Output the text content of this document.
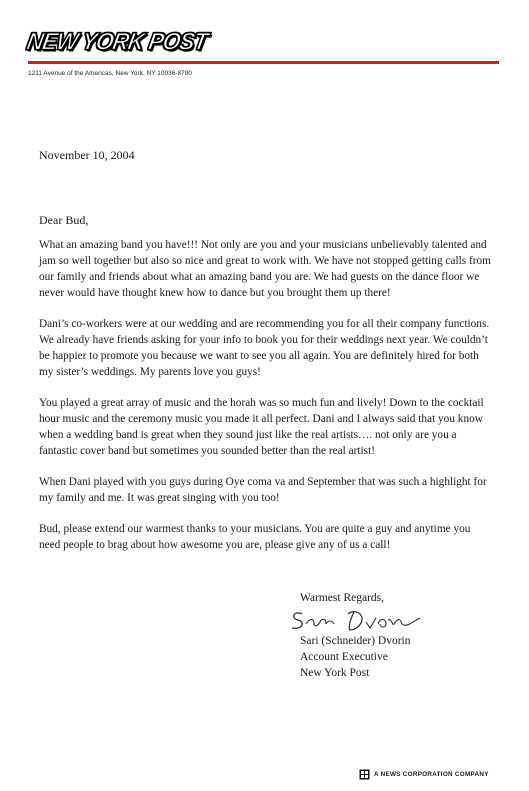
NEW YORK POST
1211 Avenue of the Americas, New York, NY 10036-8790
November 10, 2004
Dear Bud,

What an amazing band you have!!! Not only are you and your musicians unbelievably talented and jam so well together but also so nice and great to work with. We have not stopped getting calls from our family and friends about what an amazing band you are. We had guests on the dance floor we never would have thought knew how to dance but you brought them up there!

Dani’s co-workers were at our wedding and are recommending you for all their company functions. We already have friends asking for your info to book you for their weddings next year. We couldn’t be happier to promote you because we want to see you all again. You are definitely hired for both my sister’s weddings. My parents love you guys!

You played a great array of music and the horah was so much fun and lively! Down to the cocktail hour music and the ceremony music you made it all perfect. Dani and I always said that you know when a wedding band is great when they sound just like the real artists…. not only are you a fantastic cover band but sometimes you sounded better than the real artist!

When Dani played with you guys during Oye coma va and September that was such a highlight for my family and me. It was great singing with you too!

Bud, please extend our warmest thanks to your musicians. You are quite a guy and anytime you need people to brag about how awesome you are, please give any of us a call!

Warmest Regards,
Sari (Schneider) Dvorin
Account Executive
New York Post
A NEWS CORPORATION COMPANY
